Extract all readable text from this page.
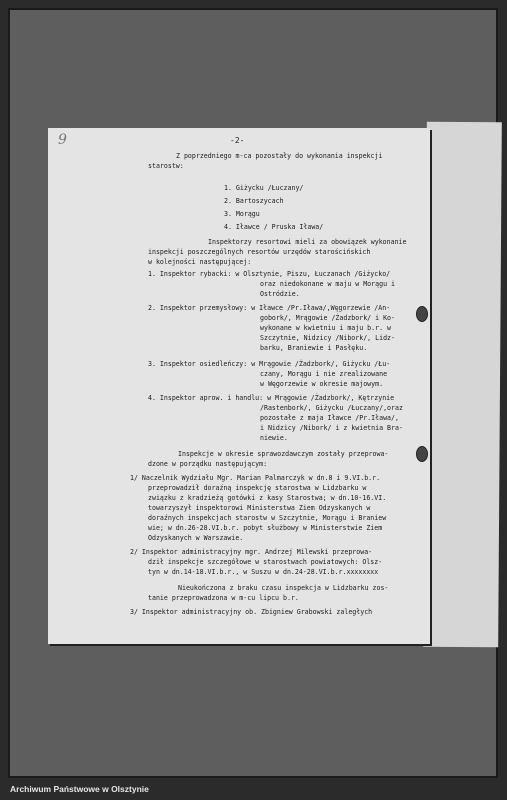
9	-2-
Z poprzedniego m-ca pozostały do wykonania inspekcji
starostw:
1. Giżycku /Łuczany/
2. Bartoszycach
3. Morągu
4. Iławce / Pruska Iława/
Inspektorzy resortowi mieli za obowiązek wykonanie
inspekcji poszczególnych resortów urzędów starościńskich
w kolejności następującej:
1. Inspektor rybacki: w Olsztynie, Piszu, Łuczanach /Giżycko/
oraz niedokonane w maju w Morągu i
Ostródzie.
2. Inspektor przemysłowy: w Iławce /Pr.Iława/,Węgorzewie /An-
gobork/, Mrągowie /Żadzbork/ i Ko-
wykonane w kwietniu i maju b.r. w
Szczytnie, Nidzicy /Nibork/, Lidz-
barku, Braniewie i Pasłęku.
3. Inspektor osiedleńczy: w Mrągowie /Żadzbork/, Giżycku /Łu-
czany, Morągu i nie zrealizowane
w Węgorzewie w okresie majowym.
4. Inspektor aprow. i handlu: w Mrągowie /Żadzbork/, Kętrzynie
/Rastenbork/, Giżycku /Łuczany/,oraz
pozostałe z maja Iławce /Pr.Iława/,
i Nidzicy /Nibork/ i z kwietnia Bra-
niewie.
Inspekcje w okresie sprawozdawczym zostały przeprowa-
dzone w porządku następującym:
1/ Naczelnik Wydziału Mgr. Marian Palmarczyk w dn.8 i 9.VI.b.r.
przeprowadził doraźną inspekcję starostwa w Lidzbarku w
związku z kradzieżą gotówki z kasy Starostwa; w dn.10-16.VI.
towarzyszył inspektorowi Ministerstwa Ziem Odzyskanych w
doraźnych inspekcjach starostw w Szczytnie, Morągu i Braniew
wie; w dn.26-28.VI.b.r. pobyt służbowy w Ministerstwie Ziem
Odzyskanych w Warszawie.
2/ Inspektor administracyjny mgr. Andrzej Milewski przeprowa-
dził inspekcje szczegółowe w starostwach powiatowych: Olsz-
tyn w dn.14-18.VI.b.r., w Suszu w dn.24-28.VI.b.r.xxxxxxxx
Nieukończona z braku czasu inspekcja w Lidzbarku zos-
tanie przeprowadzona w m-cu lipcu b.r.
3/ Inspektor administracyjny ob. Zbigniew Grabowski zaległych
Archiwum Państwowe w Olsztynie
